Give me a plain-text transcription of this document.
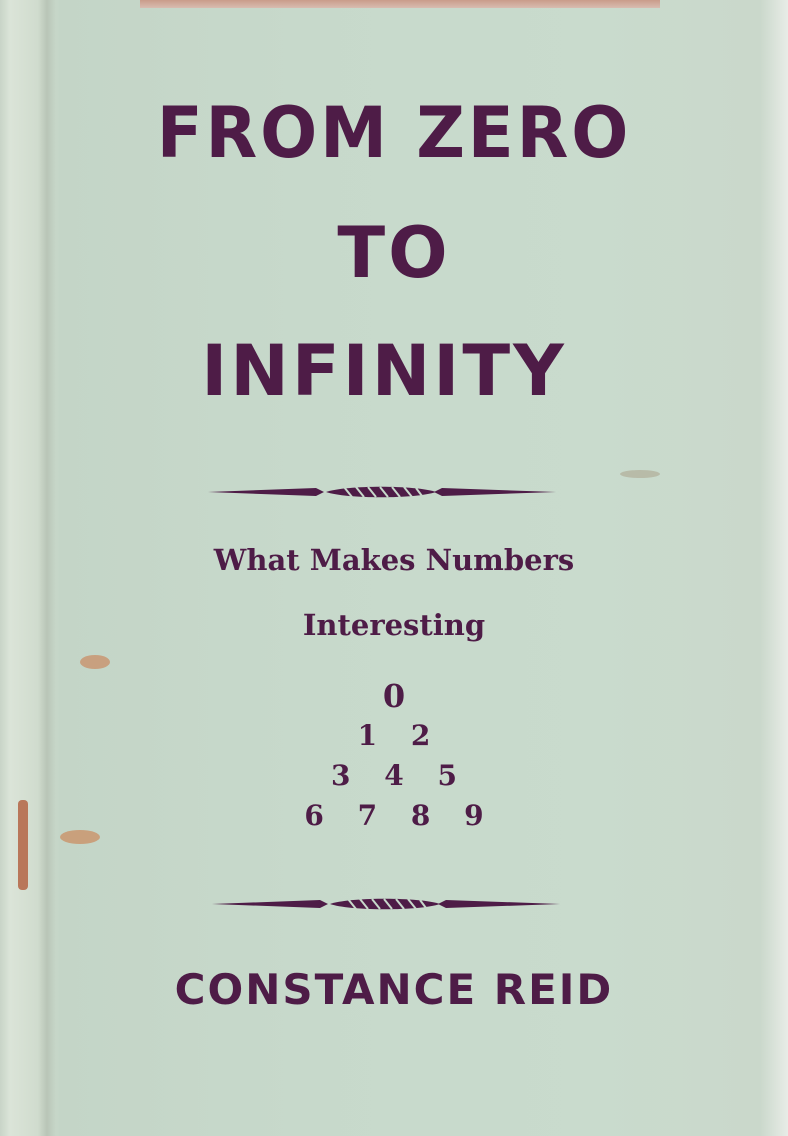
FROM ZERO
TO
INFINITY
What Makes Numbers
Interesting
0
1 2
3 4 5
6 7 8 9
CONSTANCE REID
